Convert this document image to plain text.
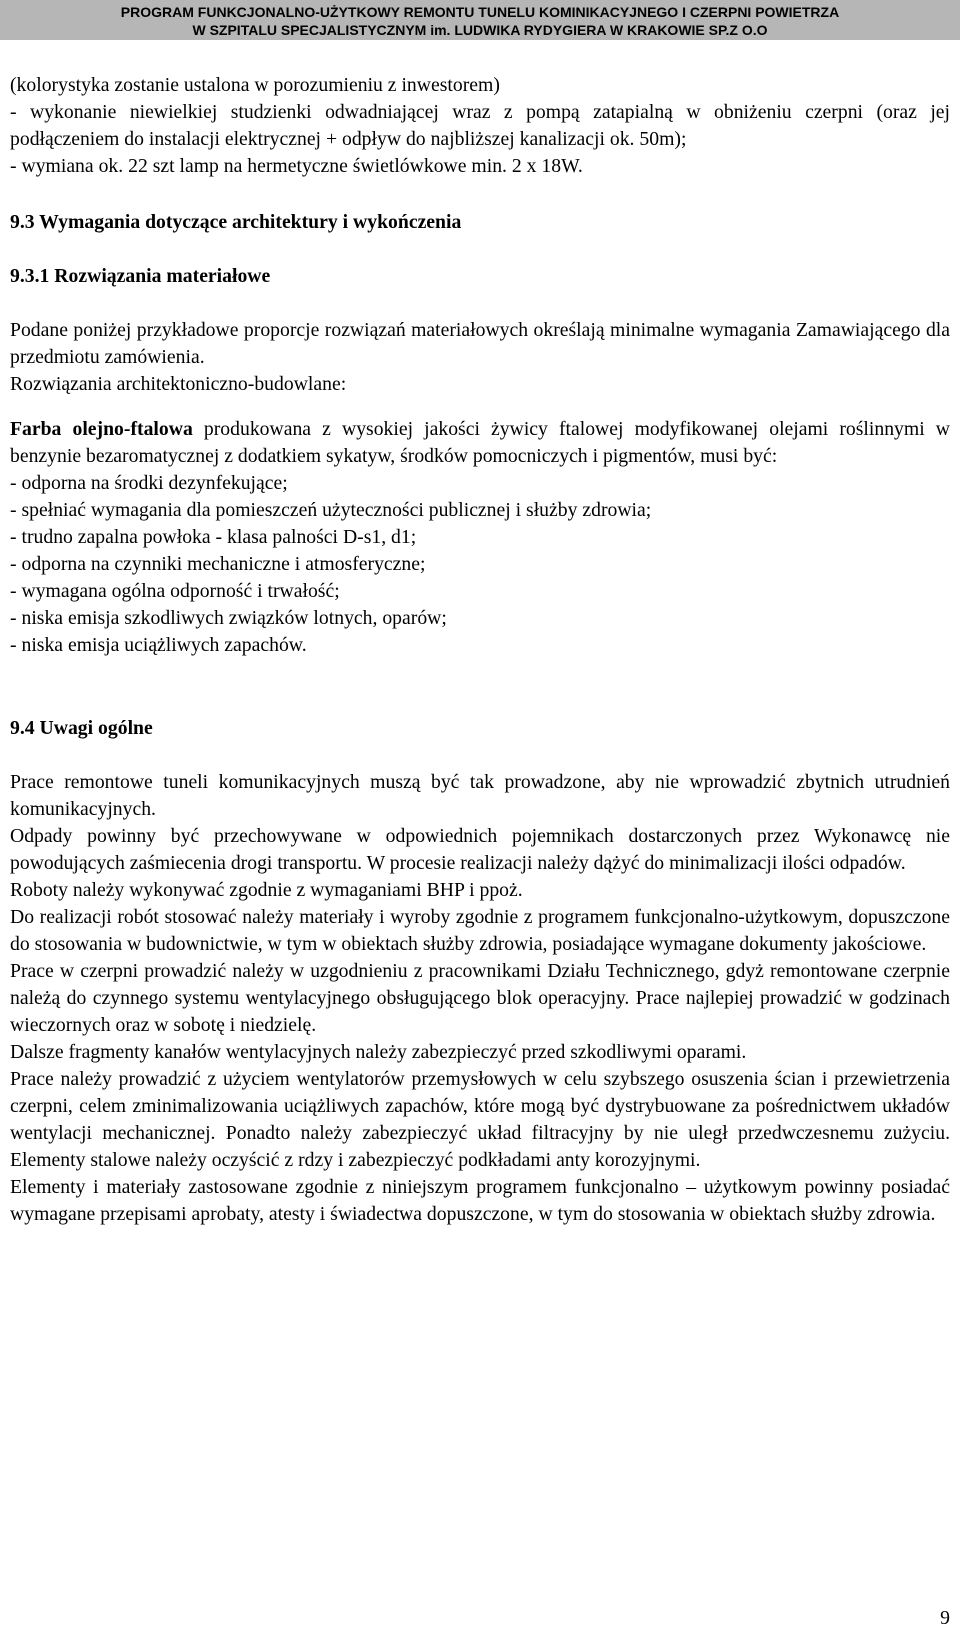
PROGRAM FUNKCJONALNO-UŻYTKOWY REMONTU TUNELU KOMINIKACYJNEGO I CZERPNI POWIETRZA
W SZPITALU SPECJALISTYCZNYM im. LUDWIKA RYDYGIERA W KRAKOWIE SP.Z O.O

(kolorystyka zostanie ustalona w porozumieniu z inwestorem)

- wykonanie niewielkiej studzienki odwadniającej wraz z pompą zatapialną w obniżeniu czerpni (oraz jej podłączeniem do instalacji elektrycznej + odpływ do najbliższej kanalizacji ok. 50m);

- wymiana ok. 22 szt lamp na hermetyczne świetlówkowe min. 2 x 18W.

9.3 Wymagania dotyczące architektury i wykończenia
9.3.1 Rozwiązania materiałowe

Podane poniżej przykładowe proporcje rozwiązań materiałowych określają minimalne wymagania Zamawiającego dla przedmiotu zamówienia.

Rozwiązania architektoniczno-budowlane:

Farba olejno-ftalowa produkowana z wysokiej jakości żywicy ftalowej modyfikowanej olejami roślinnymi w benzynie bezaromatycznej z dodatkiem sykatyw, środków pomocniczych i pigmentów, musi być:

- odporna na środki dezynfekujące;
- spełniać wymagania dla pomieszczeń użyteczności publicznej i służby zdrowia;
- trudno zapalna powłoka - klasa palności D-s1, d1;
- odporna na czynniki mechaniczne i atmosferyczne;
- wymagana ogólna odporność i trwałość;
- niska emisja szkodliwych związków lotnych, oparów;
- niska emisja uciążliwych zapachów.
9.4 Uwagi ogólne

Prace remontowe tuneli komunikacyjnych muszą być tak prowadzone, aby nie wprowadzić zbytnich utrudnień komunikacyjnych.

Odpady powinny być przechowywane w odpowiednich pojemnikach dostarczonych przez Wykonawcę nie powodujących zaśmiecenia drogi transportu. W procesie realizacji należy dążyć do minimalizacji ilości odpadów.

Roboty należy wykonywać zgodnie z wymaganiami BHP i ppoż.

Do realizacji robót stosować należy materiały i wyroby zgodnie z programem funkcjonalno-użytkowym, dopuszczone do stosowania w budownictwie, w tym w obiektach służby zdrowia, posiadające wymagane dokumenty jakościowe.

Prace w czerpni prowadzić należy w uzgodnieniu z pracownikami Działu Technicznego, gdyż remontowane czerpnie należą do czynnego systemu wentylacyjnego obsługującego blok operacyjny. Prace najlepiej prowadzić w godzinach wieczornych oraz w sobotę i niedzielę.

Dalsze fragmenty kanałów wentylacyjnych należy zabezpieczyć przed szkodliwymi oparami.

Prace należy prowadzić z użyciem wentylatorów przemysłowych w celu szybszego osuszenia ścian i przewietrzenia czerpni, celem zminimalizowania uciążliwych zapachów, które mogą być dystrybuowane za pośrednictwem układów wentylacji mechanicznej. Ponadto należy zabezpieczyć układ filtracyjny by nie uległ przedwczesnemu zużyciu. Elementy stalowe należy oczyścić z rdzy i zabezpieczyć podkładami anty korozyjnymi.

Elementy i materiały zastosowane zgodnie z niniejszym programem funkcjonalno – użytkowym powinny posiadać wymagane przepisami aprobaty, atesty i świadectwa dopuszczone, w tym do stosowania w obiektach służby zdrowia.

9
